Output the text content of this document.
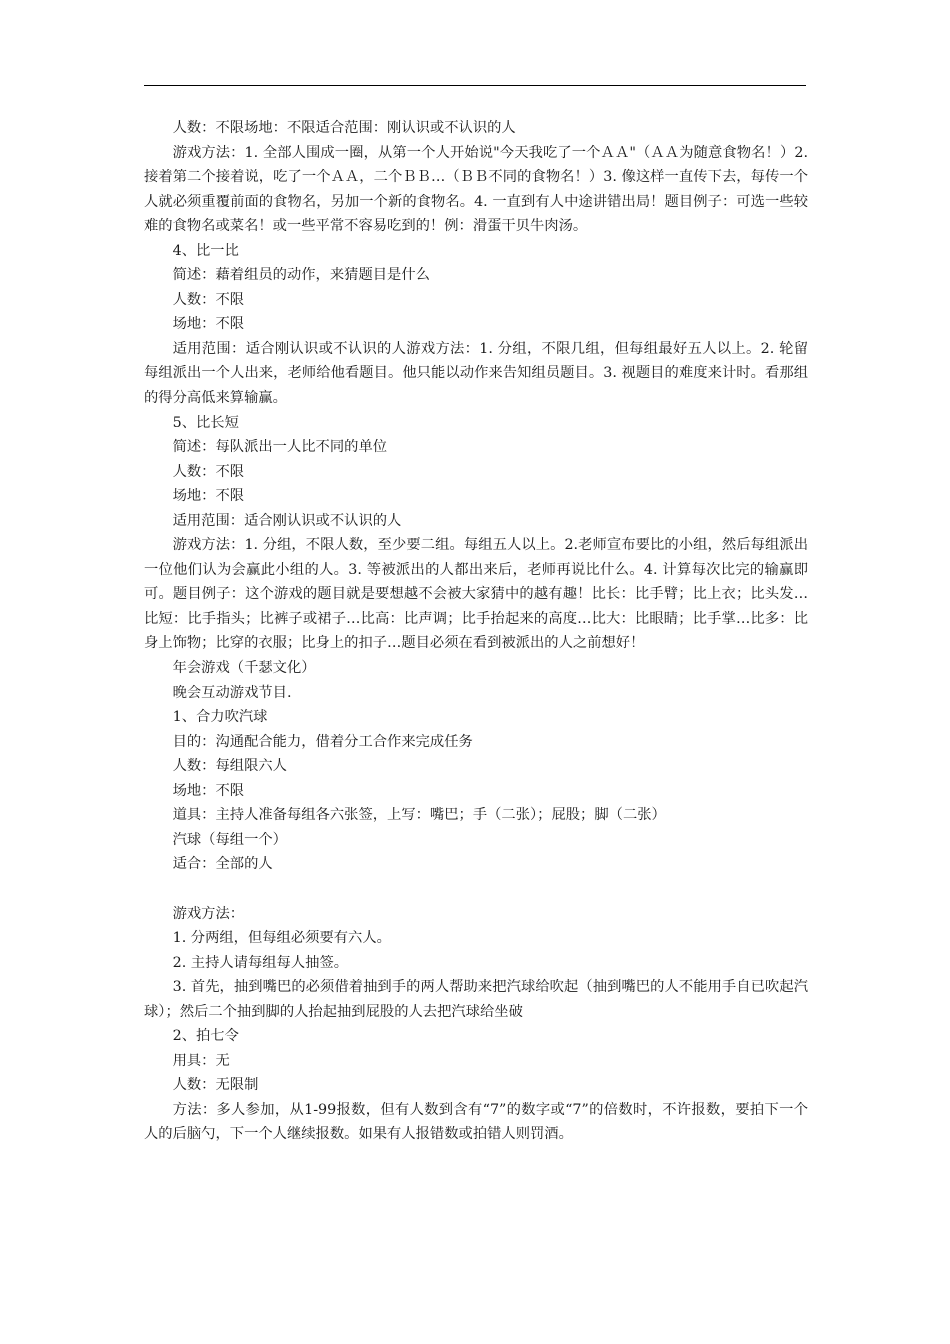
人数：不限场地：不限适合范围：刚认识或不认识的人

游戏方法：1. 全部人围成一圈，从第一个人开始说"今天我吃了一个ＡＡ"（ＡＡ为随意食物名！）2. 接着第二个接着说，吃了一个ＡＡ，二个ＢＢ…（ＢＢ不同的食物名！）3. 像这样一直传下去，每传一个人就必须重覆前面的食物名，另加一个新的食物名。4. 一直到有人中途讲错出局！题目例子：可选一些较难的食物名或菜名！或一些平常不容易吃到的！例：滑蛋干贝牛肉汤。

4、比一比

简述：藉着组员的动作，来猜题目是什么

人数：不限

场地：不限

适用范围：适合刚认识或不认识的人游戏方法：1. 分组，不限几组，但每组最好五人以上。2. 轮留每组派出一个人出来，老师给他看题目。他只能以动作来告知组员题目。3. 视题目的难度来计时。看那组的得分高低来算输赢。

5、比长短

简述：每队派出一人比不同的单位

人数：不限

场地：不限

适用范围：适合刚认识或不认识的人

游戏方法：1. 分组，不限人数，至少要二组。每组五人以上。2.老师宣布要比的小组，然后每组派出一位他们认为会赢此小组的人。3. 等被派出的人都出来后，老师再说比什么。4. 计算每次比完的输赢即可。题目例子：这个游戏的题目就是要想越不会被大家猜中的越有趣！比长：比手臂；比上衣；比头发…比短：比手指头；比裤子或裙子…比高：比声调；比手抬起来的高度…比大：比眼睛；比手掌…比多：比身上饰物；比穿的衣服；比身上的扣子…题目必须在看到被派出的人之前想好！

年会游戏（千瑟文化）

晚会互动游戏节目.

1、合力吹汽球

目的：沟通配合能力，借着分工合作来完成任务

人数：每组限六人

场地：不限

道具：主持人准备每组各六张签，上写：嘴巴；手（二张）；屁股；脚（二张）

汽球（每组一个）

适合：全部的人

游戏方法：

1. 分两组，但每组必须要有六人。

2. 主持人请每组每人抽签。

3. 首先，抽到嘴巴的必须借着抽到手的两人帮助来把汽球给吹起（抽到嘴巴的人不能用手自已吹起汽球）；然后二个抽到脚的人抬起抽到屁股的人去把汽球给坐破

2、拍七令

用具：无

人数：无限制

方法：多人参加，从1-99报数，但有人数到含有“7”的数字或“7”的倍数时，不许报数，要拍下一个人的后脑勺，下一个人继续报数。如果有人报错数或拍错人则罚酒。
